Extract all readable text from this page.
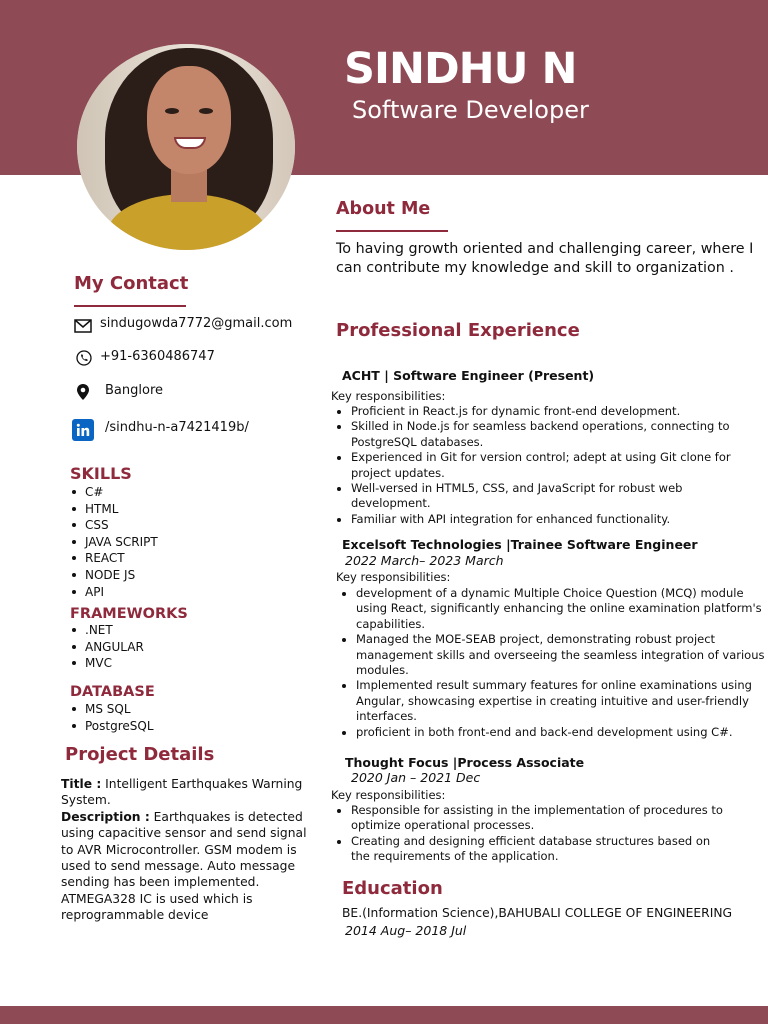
SINDHU N
Software Developer
My Contact
sindugowda7772@gmail.com
+91-6360486747
Banglore
/sindhu-n-a7421419b/
SKILLS
C#
HTML
CSS
JAVA SCRIPT
REACT
NODE JS
API
FRAMEWORKS
.NET
ANGULAR
MVC
DATABASE
MS SQL
PostgreSQL
Project Details
Title : Intelligent Earthquakes Warning System.
Description : Earthquakes is detected using capacitive sensor and send signal to AVR Microcontroller. GSM modem is used to send message. Auto message sending has been implemented. ATMEGA328 IC is used which is reprogrammable device
About Me
To having growth oriented and challenging career, where I can contribute my knowledge and skill to organization .
Professional Experience
ACHT | Software Engineer (Present)
Key responsibilities:
Proficient in React.js for dynamic front-end development.
Skilled in Node.js for seamless backend operations, connecting to PostgreSQL databases.
Experienced in Git for version control; adept at using Git clone for project updates.
Well-versed in HTML5, CSS, and JavaScript for robust web development.
Familiar with API integration for enhanced functionality.
Excelsoft Technologies |Trainee Software Engineer
2022 March– 2023 March
Key responsibilities:
development of a dynamic Multiple Choice Question (MCQ) module using React, significantly enhancing the online examination platform's capabilities.
Managed the MOE-SEAB project, demonstrating robust project management skills and overseeing the seamless integration of various modules.
Implemented result summary features for online examinations using Angular, showcasing expertise in creating intuitive and user-friendly interfaces.
proficient in both front-end and back-end development using C#.
Thought Focus |Process Associate
2020 Jan – 2021 Dec
Key responsibilities:
Responsible for assisting in the implementation of procedures to optimize operational processes.
Creating and designing efficient database structures based on the requirements of the application.
Education
BE.(Information Science),BAHUBALI COLLEGE OF ENGINEERING
2014 Aug– 2018 Jul
